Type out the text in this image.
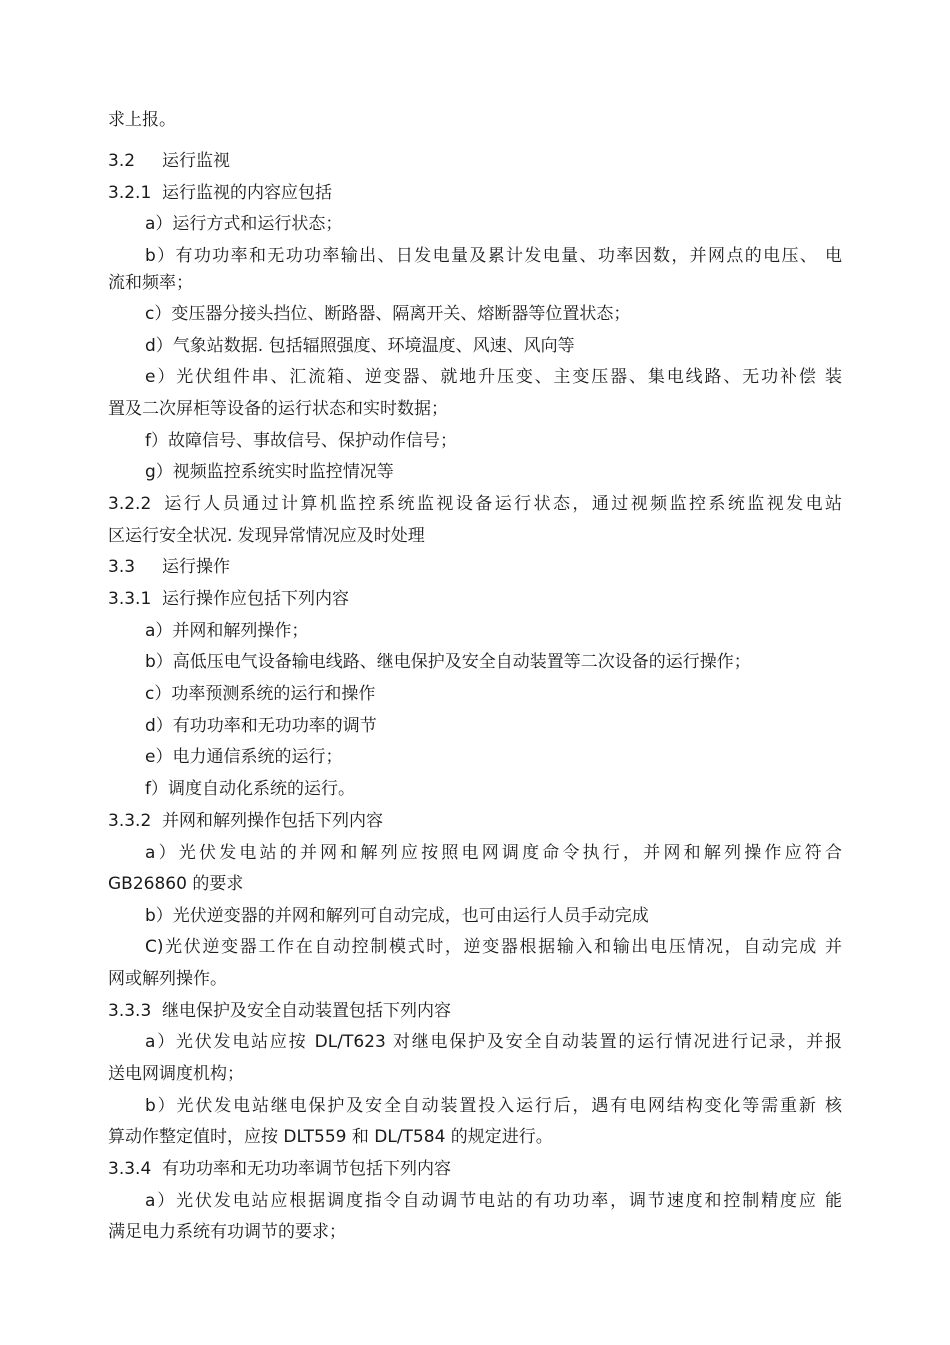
求上报。
3.2 运行监视
3.2.1 运行监视的内容应包括
a）运行方式和运行状态；
b）有功功率和无功功率输出、日发电量及累计发电量、功率因数，并网点的电压、 电
流和频率；
c）变压器分接头挡位、断路器、隔离开关、熔断器等位置状态；
d）气象站数据. 包括辐照强度、环境温度、风速、风向等
e）光伏组件串、汇流箱、逆变器、就地升压变、主变压器、集电线路、无功补偿 装
置及二次屏柜等设备的运行状态和实时数据；
f）故障信号、事故信号、保护动作信号；
g）视频监控系统实时监控情况等
3.2.2 运行人员通过计算机监控系统监视设备运行状态，通过视频监控系统监视发电站
区运行安全状况. 发现异常情况应及时处理
3.3 运行操作
3.3.1 运行操作应包括下列内容
a）并网和解列操作；
b）高低压电气设备输电线路、继电保护及安全自动装置等二次设备的运行操作；
c）功率预测系统的运行和操作
d）有功功率和无功功率的调节
e）电力通信系统的运行；
f）调度自动化系统的运行。
3.3.2 并网和解列操作包括下列内容
a）光伏发电站的并网和解列应按照电网调度命令执行，并网和解列操作应符合
GB26860 的要求
b）光伏逆变器的并网和解列可自动完成，也可由运行人员手动完成
C)光伏逆变器工作在自动控制模式时，逆变器根据输入和输出电压情况，自动完成 并
网或解列操作。
3.3.3 继电保护及安全自动装置包括下列内容
a）光伏发电站应按 DL/T623 对继电保护及安全自动装置的运行情况进行记录，并报
送电网调度机构；
b）光伏发电站继电保护及安全自动装置投入运行后，遇有电网结构变化等需重新 核
算动作整定值时，应按 DLT559 和 DL/T584 的规定进行。
3.3.4 有功功率和无功功率调节包括下列内容
a）光伏发电站应根据调度指令自动调节电站的有功功率，调节速度和控制精度应 能
满足电力系统有功调节的要求；
